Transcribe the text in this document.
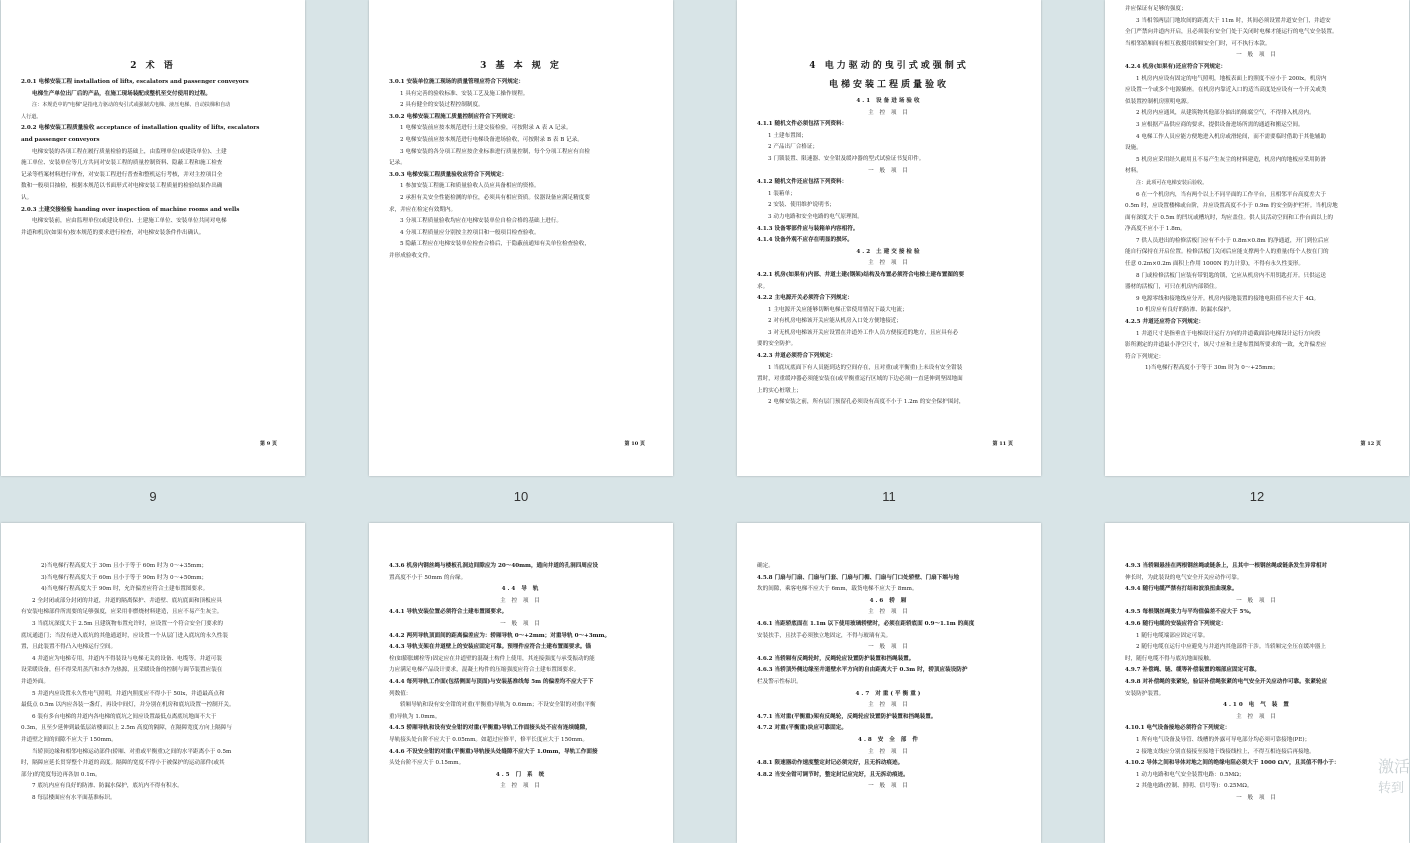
2 术 语
2.0.1 电梯安装工程 installation of lifts, escalators and passenger conveyors
电梯生产单位出厂后的产品，在施工现场装配成整机至交付使用的过程。
注：本规范中的"电梯"是指电力驱动的曳引式或强制式电梯、液压电梯、自动扶梯和自动
人行道。
2.0.2 电梯安装工程质量验收 acceptance of installation quality of lifts, escalators
and passenger conveyors
电梯安装的各项工程在履行质量检验的基础上，由监理单位(或建设单位)、土建
施工单位、安装单位等几方共同对安装工程的质量控制资料、隐蔽工程和施工检查
记录等档案材料进行审查，对安装工程进行普查和整机运行考核，并对主控项目全
数和一般项目抽检，根据本规范以书面形式对电梯安装工程质量的检验结果作出确
认。
2.0.3 土建交接检验 handing over inspection of machine rooms and wells
电梯安装前，应由监理单位(或建设单位)、土建施工单位、安装单位共同对电梯
井道和机房(如果有)按本规范的要求进行检查，对电梯安装条件作出确认。
第 9 页
9
3 基 本 规 定
3.0.1 安装单位施工现场的质量管理应符合下列规定：
1 具有完善的验收标准、安装工艺及施工操作规程。
2 具有健全的安装过程控制制度。
3.0.2 电梯安装工程施工质量控制应符合下列规定：
1 电梯安装前应按本规范进行土建交接检验，可按附录 A 表 A 记录。
2 电梯安装前应按本规范进行电梯设备进场验收，可按附录 B 表 B 记录。
3 电梯安装的各分项工程应按企业标准进行质量控制，每个分项工程应有自检
记录。
3.0.3 电梯安装工程质量验收应符合下列规定：
1 参加安装工程施工和质量验收人员应具备相应的资格。
2 承担有关安全性能检测的单位，必须具有相应资质。仪器设备应满足精度要
求，并应在检定有效期内。
3 分项工程质量验收均应在电梯安装单位自检合格的基础上进行。
4 分项工程质量应分别按主控项目和一般项目检查验收。
5 隐蔽工程应在电梯安装单位检查合格后，于隐蔽前通知有关单位检查验收，
并形成验收文件。
第 10 页
10
4 电力驱动的曳引式或强制式
电梯安装工程质量验收
4.1 设备进场验收
主 控 项 目
4.1.1 随机文件必须包括下列资料：
1 土建布置图；
2 产品出厂合格证；
3 门锁装置、限速器、安全钳及缓冲器的型式试验证书复印件。
一 般 项 目
4.1.2 随机文件还应包括下列资料：
1 装箱单；
2 安装、使用维护说明书；
3 动力电路和安全电路的电气原理图。
4.1.3 设备零部件应与装箱单内容相符。
4.1.4 设备外观不应存在明显的损坏。
4.2 土建交接检验
主 控 项 目
4.2.1 机房(如果有)内部、井道土建(钢架)结构及布置必须符合电梯土建布置图的要
求。
4.2.2 主电源开关必须符合下列规定：
1 主电源开关应能够切断电梯正常使用情况下最大电流；
2 对有机房电梯该开关应能从机房入口处方便地接近；
3 对无机房电梯该开关应设置在井道外工作人员方便接近的地方，且应具有必
要的安全防护。
4.2.3 井道必须符合下列规定：
1 当底坑底面下有人员能到达的空间存在，且对重(或平衡重)上未设有安全钳装
置时，对重缓冲器必须能安装在(或平衡重运行区域的下边必须)一直延伸到坚固地面
上的实心桩墩上；
2 电梯安装之前，所有层门预留孔必须设有高度不小于 1.2m 的安全保护围封，
第 11 页
11
并应保证有足够的强度；
3 当相邻两层门地坎间的距离大于 11m 时，其间必须设置井道安全门，井道安
全门严禁向井道内开启，且必须装有安全门处于关闭时电梯才能运行的电气安全装置。
当相邻轿厢间有相互救援用轿厢安全门时，可不执行本款。
一 般 项 目
4.2.4 机房(如果有)还应符合下列规定：
1 机房内应设有固定的电气照明，地板表面上的照度不应小于 200lx。机房内
应设置一个或多个电源插座。在机房内靠近入口的适当高度处应设有一个开关或类
似装置控制机房照明电源。
2 机房内应通风，从建筑物其他部分抽出的陈腐空气，不得排入机房内。
3 应根据产品供应商的要求，提供设备进场所需的通道和搬运空间。
4 电梯工作人员应能方便地进入机房或滑轮间，而不需要临时借助于其他辅助
设施。
5 机房应采用经久耐用且不易产生灰尘的材料建造，机房内的地板应采用防滑
材料。
注：此项可在电梯安装后验收。
6 在一个机房内，当有两个以上不同平面的工作平台，且相邻平台高度差大于
0.5m 时，应设置楼梯或台阶，并应设置高度不小于 0.9m 的安全防护栏杆。当机房地
面有深度大于 0.5m 的凹坑或槽坑时，均应盖住。供人员活动空间和工作台面以上的
净高度不应小于 1.8m。
7 供人员进出的检修活板门应有不小于 0.8m×0.8m 的净通道，开门到位后应
能自行保持在开启位置。检修活板门关闭后应能支撑两个人的重量(每个人按在门的
任意 0.2m×0.2m 面积上作用 1000N 的力计算)，不得有永久性变形。
8 门或检修活板门应装有带钥匙的锁，它应从机房内不用钥匙打开。只供运送
器材的活板门，可只在机房内部锁住。
9 电源零线和接地线应分开。机房内接地装置的接地电阻值不应大于 4Ω。
10 机房应有良好的防渗、防漏水保护。
4.2.5 井道还应符合下列规定：
1 井道尺寸是指垂直于电梯设计运行方向的井道截面沿电梯设计运行方向投
影所测定的井道最小净空尺寸，该尺寸应和土建布置图所要求的一致，允许偏差应
符合下列规定：
1)当电梯行程高度小于等于 30m 时为 0～+25mm；
第 12 页
12
2)当电梯行程高度大于 30m 且小于等于 60m 时为 0～+35mm；
3)当电梯行程高度大于 60m 且小于等于 90m 时为 0～+50mm；
4)当电梯行程高度大于 90m 时，允许偏差应符合土建布置图要求。
2 全封闭或部分封闭的井道，井道的隔离保护、井道壁、底坑底面和顶板应具
有安装电梯部件所需要的足够强度，应采用非燃烧材料建造，且应不易产生灰尘。
3 当底坑深度大于 2.5m 且建筑物布置允许时，应设置一个符合安全门要求的
底坑通道门；当没有进入底坑的其他通道时，应设置一个从层门进入底坑的永久性装
置，且此装置不得凸入电梯运行空间。
4 井道应为电梯专用，井道内不得装设与电梯无关的设备、电缆等。井道可装
设采暖设备，但不得采用蒸汽和水作为热源，且采暖设备的控制与调节装置应装在
井道外面。
5 井道内应设置永久性电气照明，井道内照度应不得小于 50lx，井道最高点和
最低点 0.5m 以内应各装一盏灯，再设中间灯，并分别在机房和底坑设置一控制开关。
6 装有多台电梯的井道内各电梯的底坑之间应设置最低点离底坑地面不大于
0.3m，且至少延伸到最低层站楼面以上 2.5m 高度的隔障，在隔障宽度方向上隔障与
井道壁之间的间隙不应大于 150mm。
当轿顶边缘和相邻电梯运动部件(轿厢、对重或平衡重)之间的水平距离小于 0.5m
时，隔障应延长贯穿整个井道的高度。隔障的宽度不得小于被保护的运动部件(或其
部分)的宽度每边再各加 0.1m。
7 底坑内应有良好的防渗、防漏水保护，底坑内不得有积水。
8 每层楼面应有水平面基准标识。
4.3.6 机房内钢丝绳与楼板孔洞边间隙应为 20～40mm，通向井道的孔洞四周应设
置高度不小于 50mm 的台缘。
4.4 导 轨
主 控 项 目
4.4.1 导轨安装位置必须符合土建布置图要求。
一 般 项 目
4.4.2 两列导轨顶面间的距离偏差应为：轿厢导轨 0～+2mm；对重导轨 0～+3mm。
4.4.3 导轨支架在井道壁上的安装应固定可靠。预埋件应符合土建布置图要求。锚
栓(如膨胀螺栓等)固定应在井道壁的混凝土构件上使用，其连接强度与承受振动的能
力应满足电梯产品设计要求，混凝土构件的压缩强度应符合土建布置图要求。
4.4.4 每列导轨工作面(包括侧面与顶面)与安装基准线每 5m 的偏差均不应大于下
列数值：
轿厢导轨和设有安全钳的对重(平衡重)导轨为 0.6mm；不设安全钳的对重(平衡
重)导轨为 1.0mm。
4.4.5 轿厢导轨和设有安全钳的对重(平衡重)导轨工作面接头处不应有连续缝隙，
导轨接头处台阶不应大于 0.05mm。如超过应修平，修平长度应大于 150mm。
4.4.6 不设安全钳的对重(平衡重)导轨接头处缝隙不应大于 1.0mm，导轨工作面接
头处台阶不应大于 0.15mm。
4.5 门 系 统
主 控 项 目
确定。
4.5.8 门扇与门扇、门扇与门套、门扇与门楣、门扇与门口处轿壁、门扇下端与地
坎的间隙，乘客电梯不应大于 6mm，载货电梯不应大于 8mm。
4.6 轿 厢
主 控 项 目
4.6.1 当距轿底面在 1.1m 以下使用玻璃轿壁时，必须在距轿底面 0.9～1.1m 的高度
安装扶手，且扶手必须独立地固定，不得与玻璃有关。
一 般 项 目
4.6.2 当轿厢有反绳轮时，反绳轮应设置防护装置和挡绳装置。
4.6.3 当轿顶外侧边缘至井道壁水平方向的自由距离大于 0.3m 时，轿顶应装设防护
栏及警示性标识。
4.7 对重(平衡重)
主 控 项 目
4.7.1 当对重(平衡重)架有反绳轮，反绳轮应设置防护装置和挡绳装置。
4.7.2 对重(平衡重)块应可靠固定。
4.8 安 全 部 件
主 控 项 目
4.8.1 限速器动作速度整定封记必须完好，且无拆动痕迹。
4.8.2 当安全钳可调节时，整定封记应完好，且无拆动痕迹。
一 般 项 目
4.9.3 当轿厢悬挂在两根钢丝绳或链条上，且其中一根钢丝绳或链条发生异常相对
伸长时，为此装设的电气安全开关应动作可靠。
4.9.4 随行电缆严禁有打结和波浪扭曲现象。
一 般 项 目
4.9.5 每根钢丝绳张力与平均值偏差不应大于 5%。
4.9.6 随行电缆的安装应符合下列规定：
1 随行电缆端部应固定可靠。
2 随行电缆在运行中应避免与井道内其他部件干涉。当轿厢完全压在缓冲器上
时，随行电缆不得与底坑地面接触。
4.9.7 补偿绳、链、缆等补偿装置的端部应固定可靠。
4.9.8 对补偿绳的张紧轮，验证补偿绳张紧的电气安全开关应动作可靠。张紧轮应
安装防护装置。
4.10 电 气 装 置
主 控 项 目
4.10.1 电气设备接地必须符合下列规定：
1 所有电气设备及导管、线槽的外露可导电部分均必须可靠接地(PE)；
2 接地支线应分别直接接至接地干线接线柱上，不得互相连接后再接地。
4.10.2 导体之间和导体对地之间的绝缘电阻必须大于 1000 Ω/V，且其值不得小于：
1 动力电路和电气安全装置电路：0.5MΩ；
2 其他电路(控制、照明、信号等)：0.25MΩ。
一 般 项 目
激活
转到
